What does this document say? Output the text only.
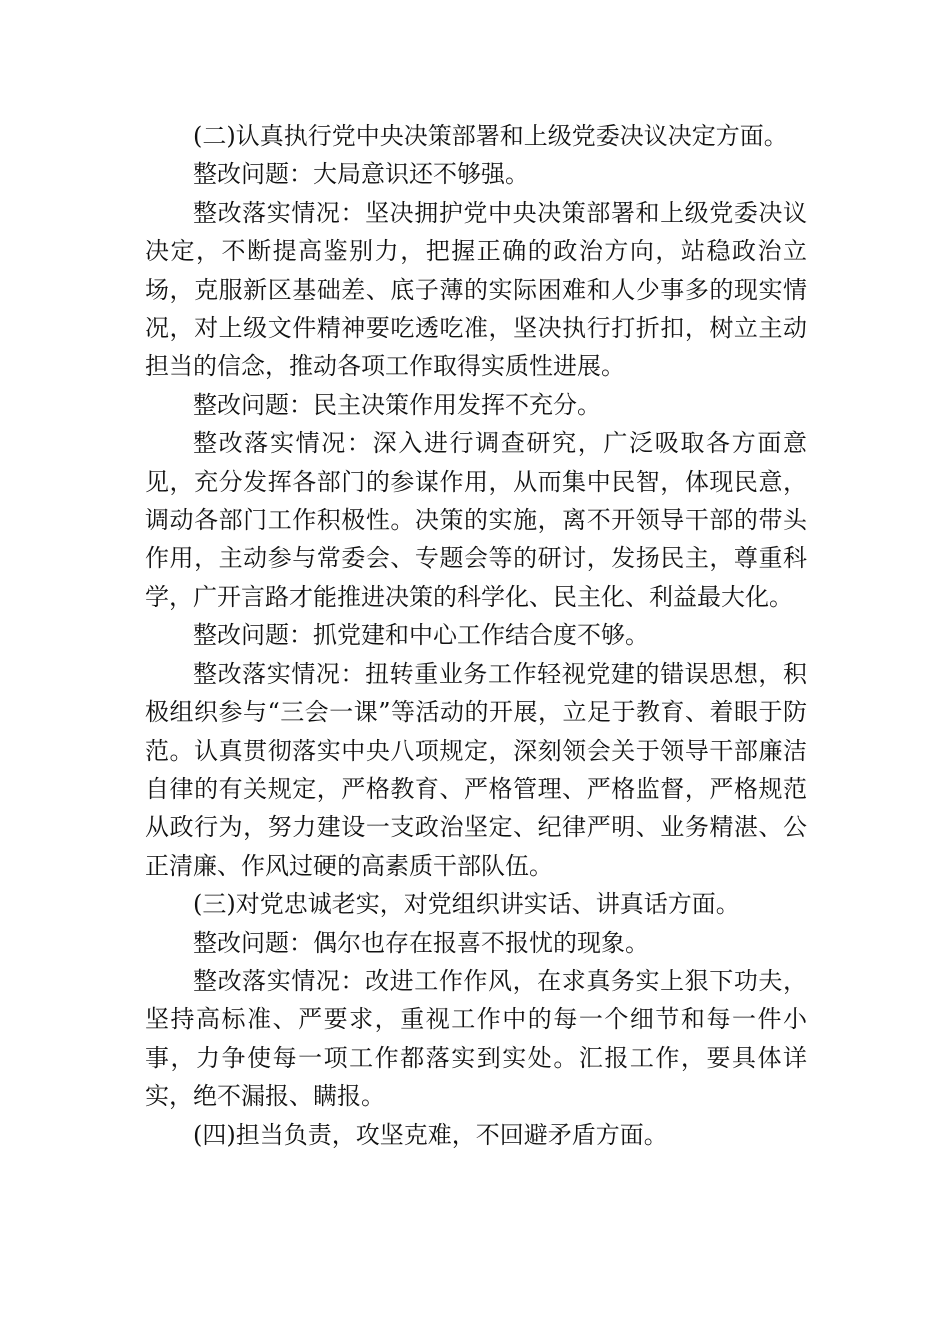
(二)认真执行党中央决策部署和上级党委决议决定方面。

整改问题：大局意识还不够强。

整改落实情况：坚决拥护党中央决策部署和上级党委决议决定，不断提高鉴别力，把握正确的政治方向，站稳政治立场，克服新区基础差、底子薄的实际困难和人少事多的现实情况，对上级文件精神要吃透吃准，坚决执行打折扣，树立主动担当的信念，推动各项工作取得实质性进展。

整改问题：民主决策作用发挥不充分。

整改落实情况：深入进行调查研究，广泛吸取各方面意见，充分发挥各部门的参谋作用，从而集中民智，体现民意，调动各部门工作积极性。决策的实施，离不开领导干部的带头作用，主动参与常委会、专题会等的研讨，发扬民主，尊重科学，广开言路才能推进决策的科学化、民主化、利益最大化。

整改问题：抓党建和中心工作结合度不够。

整改落实情况：扭转重业务工作轻视党建的错误思想，积极组织参与“三会一课”等活动的开展，立足于教育、着眼于防范。认真贯彻落实中央八项规定，深刻领会关于领导干部廉洁自律的有关规定，严格教育、严格管理、严格监督，严格规范从政行为，努力建设一支政治坚定、纪律严明、业务精湛、公正清廉、作风过硬的高素质干部队伍。

(三)对党忠诚老实，对党组织讲实话、讲真话方面。

整改问题：偶尔也存在报喜不报忧的现象。

整改落实情况：改进工作作风，在求真务实上狠下功夫，坚持高标准、严要求，重视工作中的每一个细节和每一件小事，力争使每一项工作都落实到实处。汇报工作，要具体详实，绝不漏报、瞒报。

(四)担当负责，攻坚克难，不回避矛盾方面。
